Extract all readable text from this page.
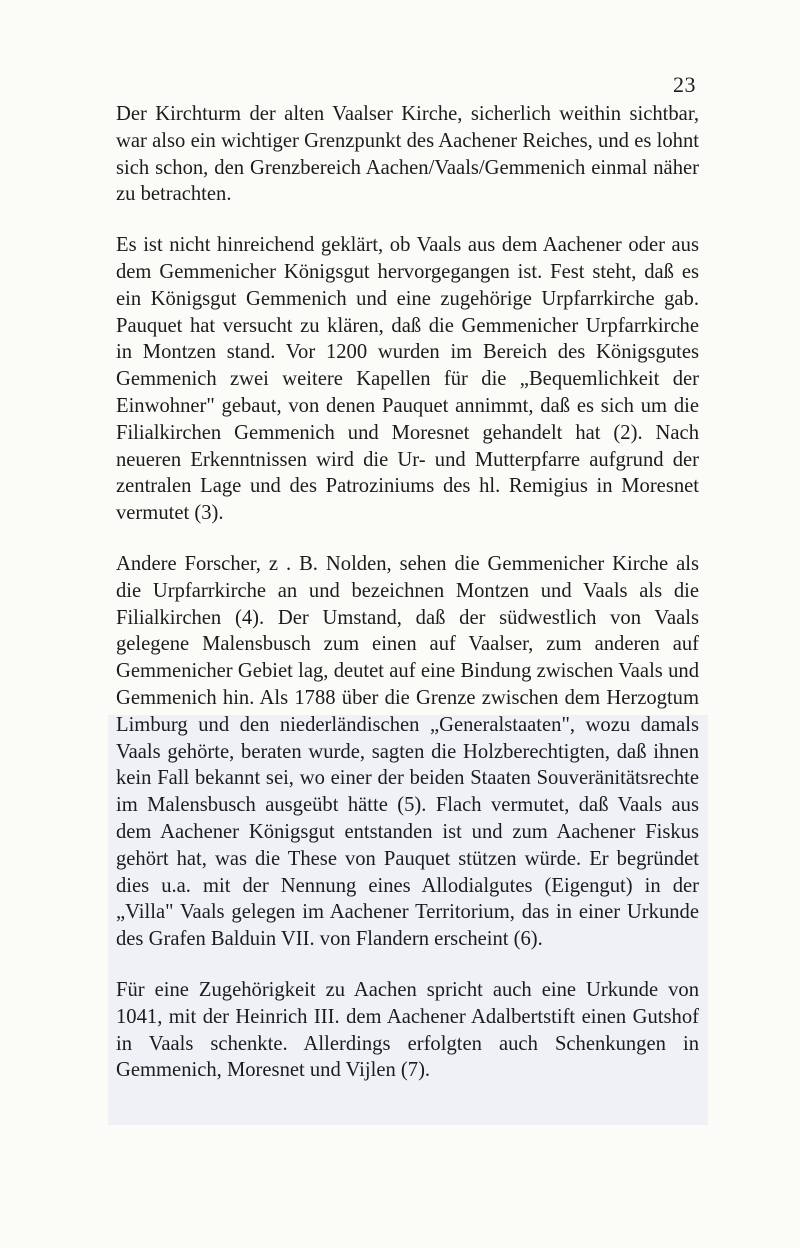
23

Der Kirchturm der alten Vaalser Kirche, sicherlich weithin sichtbar, war also ein wichtiger Grenzpunkt des Aachener Reiches, und es lohnt sich schon, den Grenzbereich Aachen/Vaals/Gemmenich einmal näher zu betrachten.

Es ist nicht hinreichend geklärt, ob Vaals aus dem Aachener oder aus dem Gemmenicher Königsgut hervorgegangen ist. Fest steht, daß es ein Königsgut Gemmenich und eine zugehörige Urpfarrkirche gab. Pauquet hat versucht zu klären, daß die Gemmenicher Urpfarrkirche in Montzen stand. Vor 1200 wurden im Bereich des Königsgutes Gemmenich zwei weitere Kapellen für die „Bequemlichkeit der Einwohner" gebaut, von denen Pauquet annimmt, daß es sich um die Filialkirchen Gemmenich und Moresnet gehandelt hat (2). Nach neueren Erkenntnissen wird die Ur- und Mutterpfarre aufgrund der zentralen Lage und des Patroziniums des hl. Remigius in Moresnet vermutet (3).

Andere Forscher, z . B. Nolden, sehen die Gemmenicher Kirche als die Urpfarrkirche an und bezeichnen Montzen und Vaals als die Filialkirchen (4). Der Umstand, daß der südwestlich von Vaals gelegene Malensbusch zum einen auf Vaalser, zum anderen auf Gemmenicher Gebiet lag, deutet auf eine Bindung zwischen Vaals und Gemmenich hin. Als 1788 über die Grenze zwischen dem Herzogtum Limburg und den niederländischen „Generalstaaten", wozu damals Vaals gehörte, beraten wurde, sagten die Holzberechtigten, daß ihnen kein Fall bekannt sei, wo einer der beiden Staaten Souveränitätsrechte im Malensbusch ausgeübt hätte (5). Flach vermutet, daß Vaals aus dem Aachener Königsgut entstanden ist und zum Aachener Fiskus gehört hat, was die These von Pauquet stützen würde. Er begründet dies u.a. mit der Nennung eines Allodialgutes (Eigengut) in der „Villa" Vaals gelegen im Aachener Territorium, das in einer Urkunde des Grafen Balduin VII. von Flandern erscheint (6).

Für eine Zugehörigkeit zu Aachen spricht auch eine Urkunde von 1041, mit der Heinrich III. dem Aachener Adalbertstift einen Gutshof in Vaals schenkte. Allerdings erfolgten auch Schenkungen in Gemmenich, Moresnet und Vijlen (7).
